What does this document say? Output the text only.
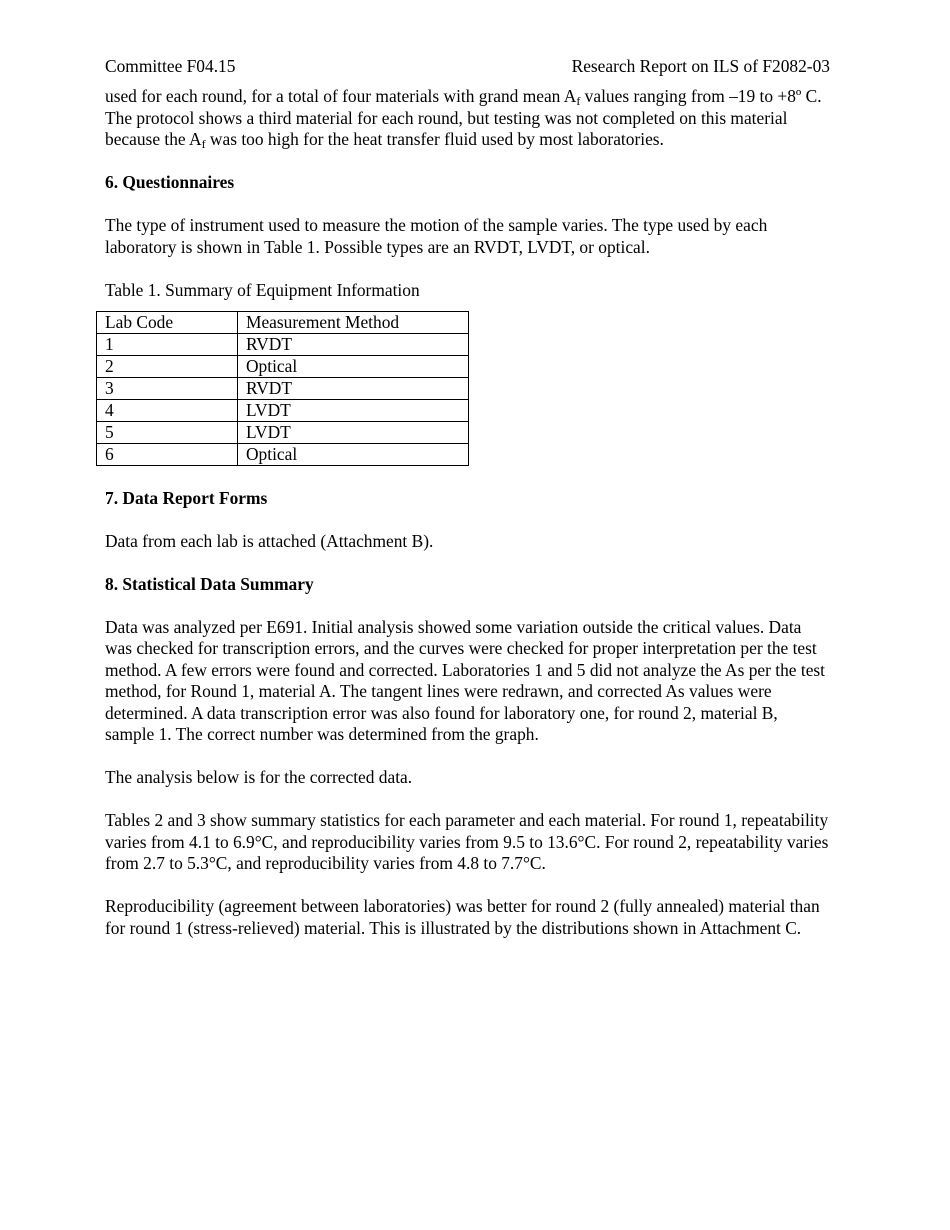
Committee F04.15	Research Report on ILS of F2082-03

used for each round, for a total of four materials with grand mean $A_f$ values ranging from –19 to +8º C. The protocol shows a third material for each round, but testing was not completed on this material because the $A_f$ was too high for the heat transfer fluid used by most laboratories.

6. Questionnaires

The type of instrument used to measure the motion of the sample varies. The type used by each laboratory is shown in Table 1. Possible types are an RVDT, LVDT, or optical.

Table 1. Summary of Equipment Information

Lab Code	Measurement Method
1	RVDT
2	Optical
3	RVDT
4	LVDT
5	LVDT
6	Optical
7. Data Report Forms

Data from each lab is attached (Attachment B).

8. Statistical Data Summary

Data was analyzed per E691. Initial analysis showed some variation outside the critical values. Data was checked for transcription errors, and the curves were checked for proper interpretation per the test method. A few errors were found and corrected. Laboratories 1 and 5 did not analyze the As per the test method, for Round 1, material A. The tangent lines were redrawn, and corrected As values were determined. A data transcription error was also found for laboratory one, for round 2, material B, sample 1. The correct number was determined from the graph.

The analysis below is for the corrected data.

Tables 2 and 3 show summary statistics for each parameter and each material. For round 1, repeatability varies from 4.1 to 6.9°C, and reproducibility varies from 9.5 to 13.6°C. For round 2, repeatability varies from 2.7 to 5.3°C, and reproducibility varies from 4.8 to 7.7°C.

Reproducibility (agreement between laboratories) was better for round 2 (fully annealed) material than for round 1 (stress-relieved) material. This is illustrated by the distributions shown in Attachment C.
